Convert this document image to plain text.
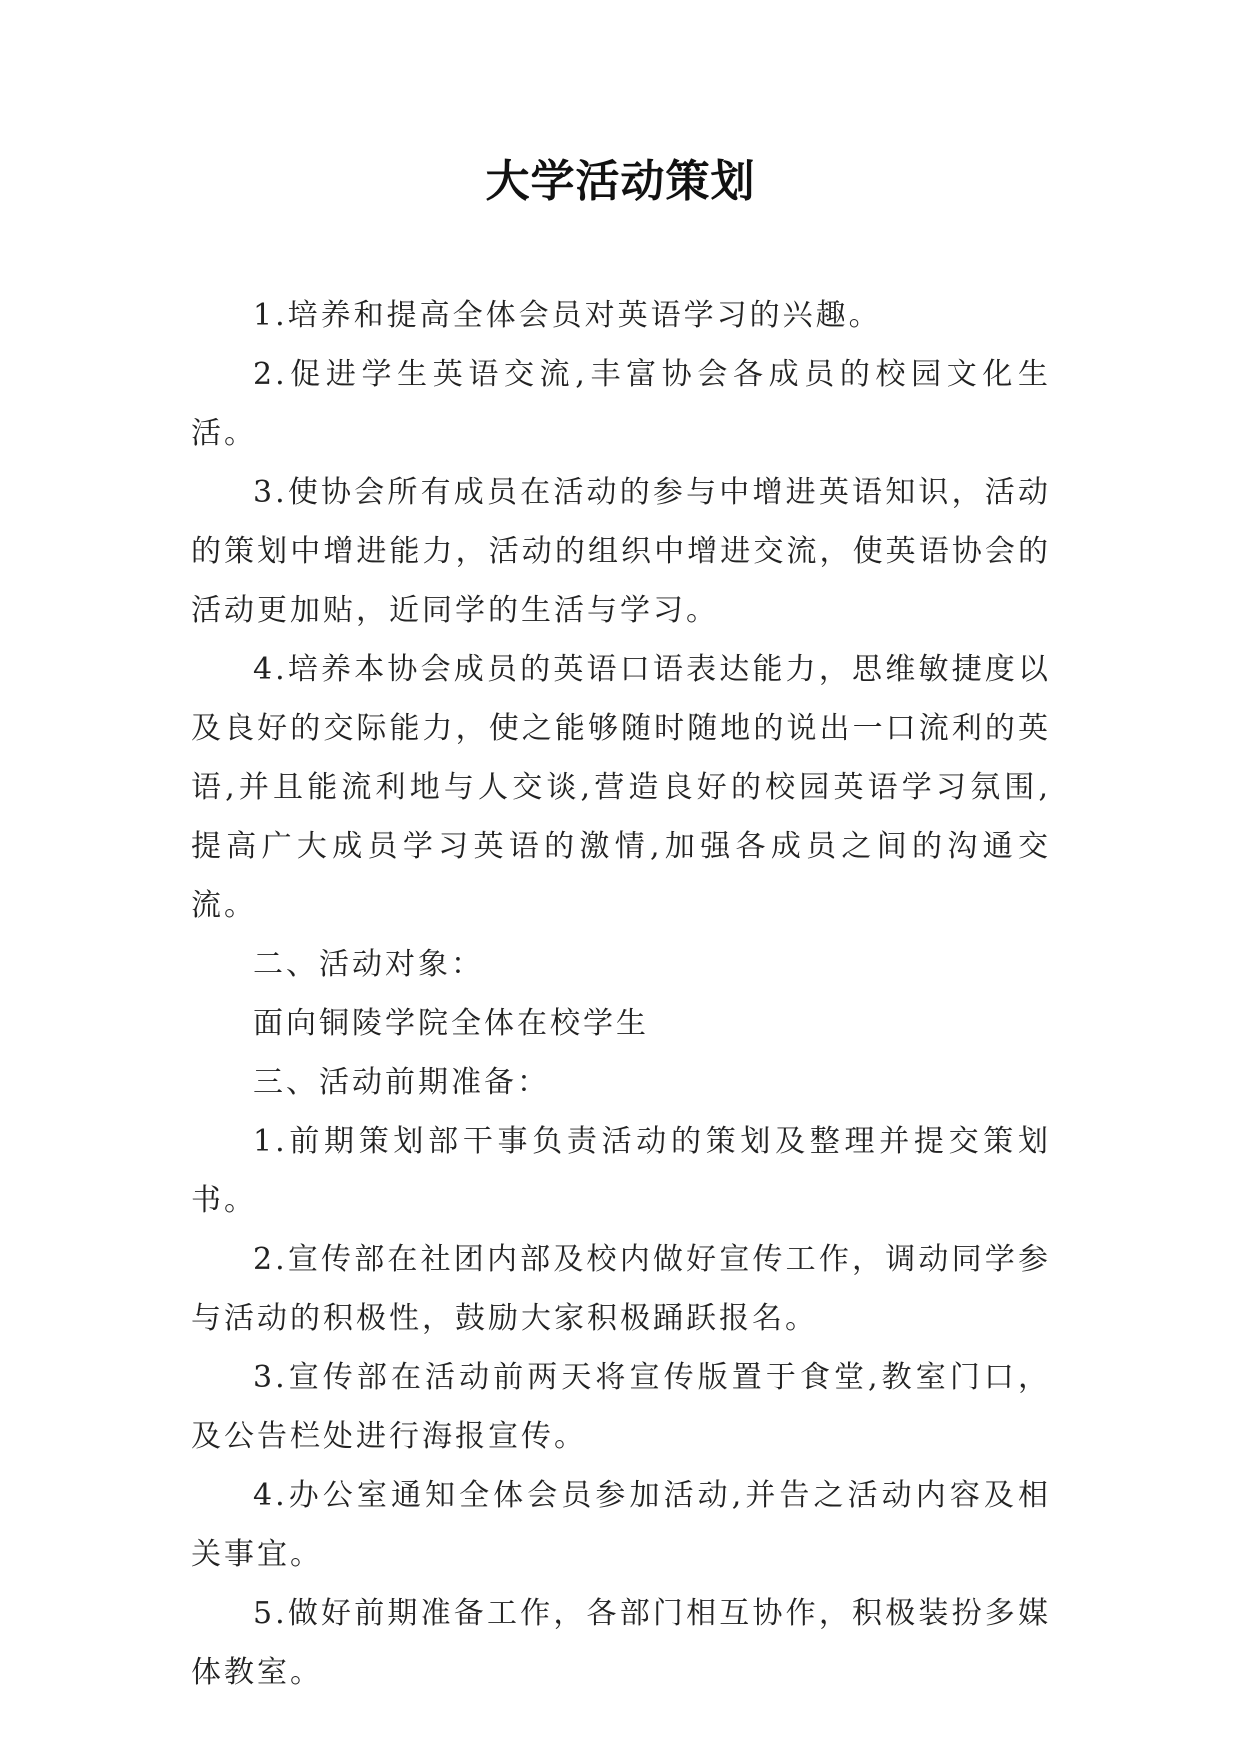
大学活动策划

1.培养和提高全体会员对英语学习的兴趣。

2.促进学生英语交流,丰富协会各成员的校园文化生活。

3.使协会所有成员在活动的参与中增进英语知识，活动的策划中增进能力，活动的组织中增进交流，使英语协会的活动更加贴，近同学的生活与学习。

4.培养本协会成员的英语口语表达能力，思维敏捷度以及良好的交际能力，使之能够随时随地的说出一口流利的英语,并且能流利地与人交谈,营造良好的校园英语学习氛围,提高广大成员学习英语的激情,加强各成员之间的沟通交流。

二、活动对象：

面向铜陵学院全体在校学生

三、活动前期准备：

1.前期策划部干事负责活动的策划及整理并提交策划书。

2.宣传部在社团内部及校内做好宣传工作，调动同学参与活动的积极性，鼓励大家积极踊跃报名。

3.宣传部在活动前两天将宣传版置于食堂,教室门口，及公告栏处进行海报宣传。

4.办公室通知全体会员参加活动,并告之活动内容及相关事宜。

5.做好前期准备工作，各部门相互协作，积极装扮多媒体教室。
